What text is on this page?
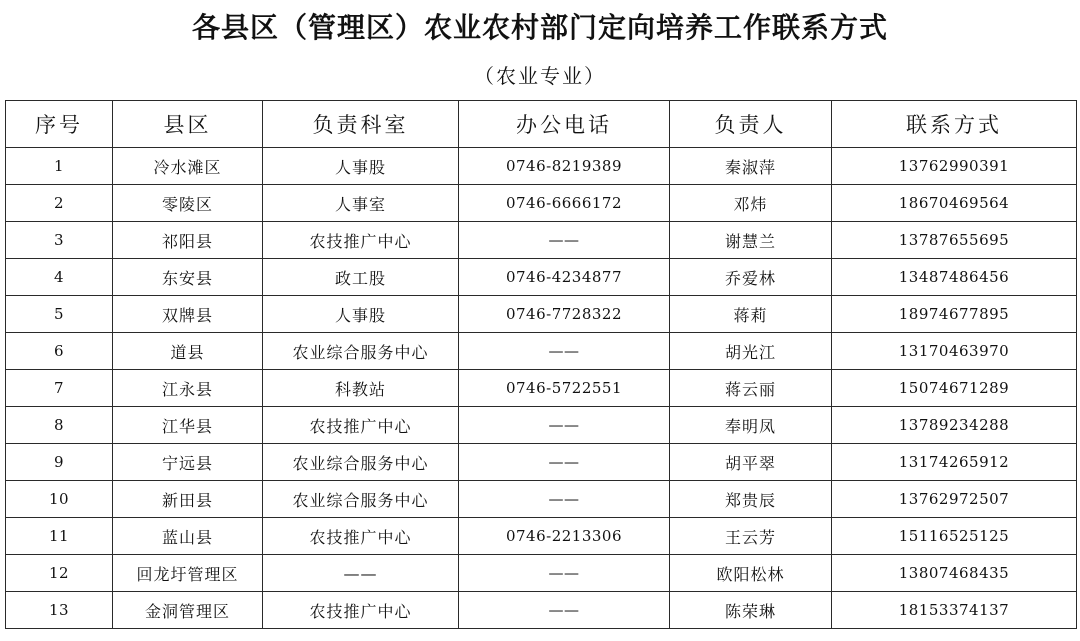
各县区（管理区）农业农村部门定向培养工作联系方式
（农业专业）
序号	县区	负责科室	办公电话	负责人	联系方式
1	冷水滩区	人事股	0746-8219389	秦淑萍	13762990391
2	零陵区	人事室	0746-6666172	邓炜	18670469564
3	祁阳县	农技推广中心	——	谢慧兰	13787655695
4	东安县	政工股	0746-4234877	乔爱林	13487486456
5	双牌县	人事股	0746-7728322	蒋莉	18974677895
6	道县	农业综合服务中心	——	胡光江	13170463970
7	江永县	科教站	0746-5722551	蒋云丽	15074671289
8	江华县	农技推广中心	——	奉明凤	13789234288
9	宁远县	农业综合服务中心	——	胡平翠	13174265912
10	新田县	农业综合服务中心	——	郑贵辰	13762972507
11	蓝山县	农技推广中心	0746-2213306	王云芳	15116525125
12	回龙圩管理区	——	——	欧阳松林	13807468435
13	金洞管理区	农技推广中心	——	陈荣琳	18153374137
